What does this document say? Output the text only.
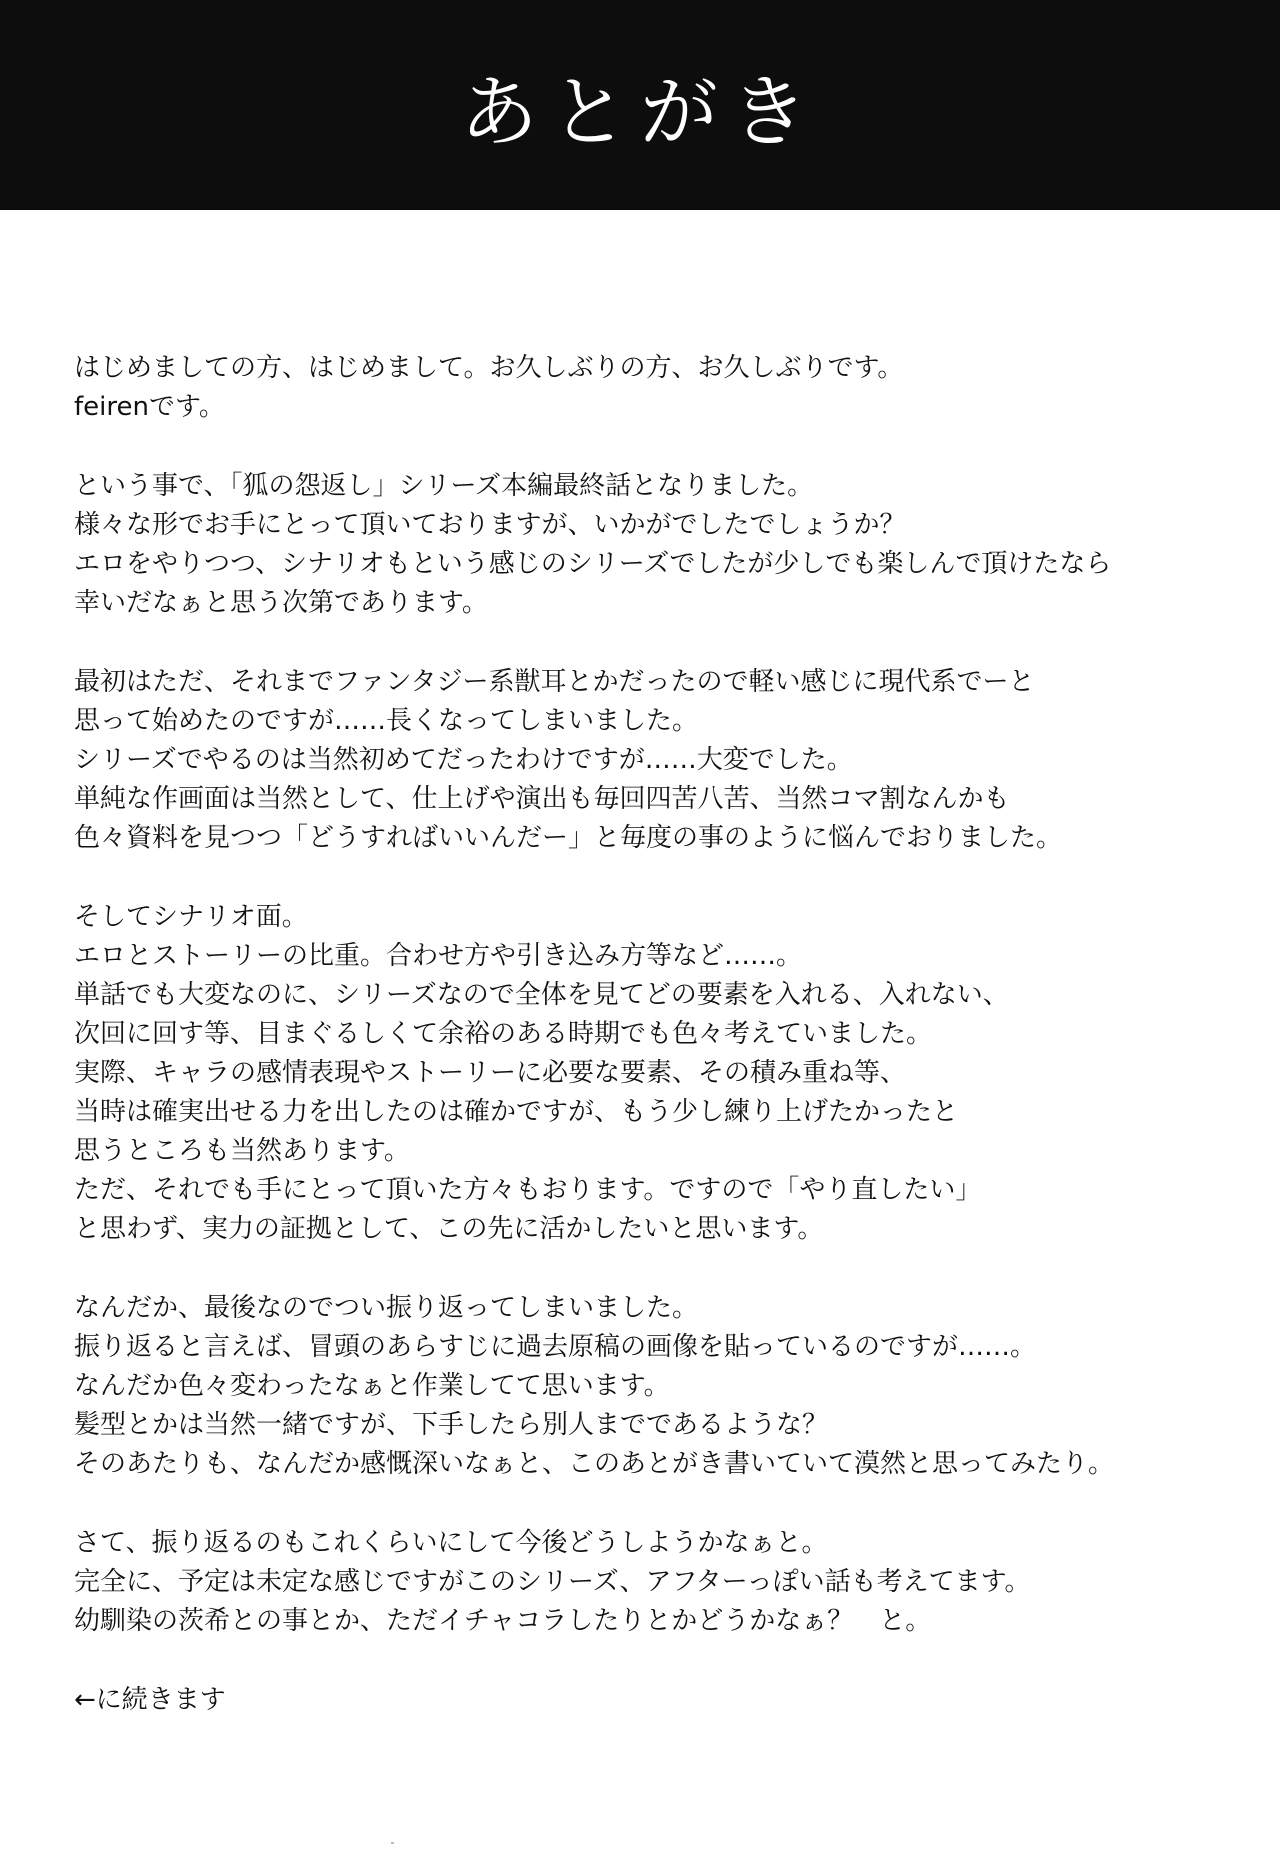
あとがき
はじめましての方、はじめまして。お久しぶりの方、お久しぶりです。
feirenです。
という事で、「狐の怨返し」シリーズ本編最終話となりました。
様々な形でお手にとって頂いておりますが、いかがでしたでしょうか？
エロをやりつつ、シナリオもという感じのシリーズでしたが少しでも楽しんで頂けたなら
幸いだなぁと思う次第であります。
最初はただ、それまでファンタジー系獣耳とかだったので軽い感じに現代系でーと
思って始めたのですが……長くなってしまいました。
シリーズでやるのは当然初めてだったわけですが……大変でした。
単純な作画面は当然として、仕上げや演出も毎回四苦八苦、当然コマ割なんかも
色々資料を見つつ「どうすればいいんだー」と毎度の事のように悩んでおりました。
そしてシナリオ面。
エロとストーリーの比重。合わせ方や引き込み方等など……。
単話でも大変なのに、シリーズなので全体を見てどの要素を入れる、入れない、
次回に回す等、目まぐるしくて余裕のある時期でも色々考えていました。
実際、キャラの感情表現やストーリーに必要な要素、その積み重ね等、
当時は確実出せる力を出したのは確かですが、もう少し練り上げたかったと
思うところも当然あります。
ただ、それでも手にとって頂いた方々もおります。ですので「やり直したい」
と思わず、実力の証拠として、この先に活かしたいと思います。
なんだか、最後なのでつい振り返ってしまいました。
振り返ると言えば、冒頭のあらすじに過去原稿の画像を貼っているのですが……。
なんだか色々変わったなぁと作業してて思います。
髪型とかは当然一緒ですが、下手したら別人までであるような？
そのあたりも、なんだか感慨深いなぁと、このあとがき書いていて漠然と思ってみたり。
さて、振り返るのもこれくらいにして今後どうしようかなぁと。
完全に、予定は未定な感じですがこのシリーズ、アフターっぽい話も考えてます。
幼馴染の茨希との事とか、ただイチャコラしたりとかどうかなぁ？　と。
←に続きます
